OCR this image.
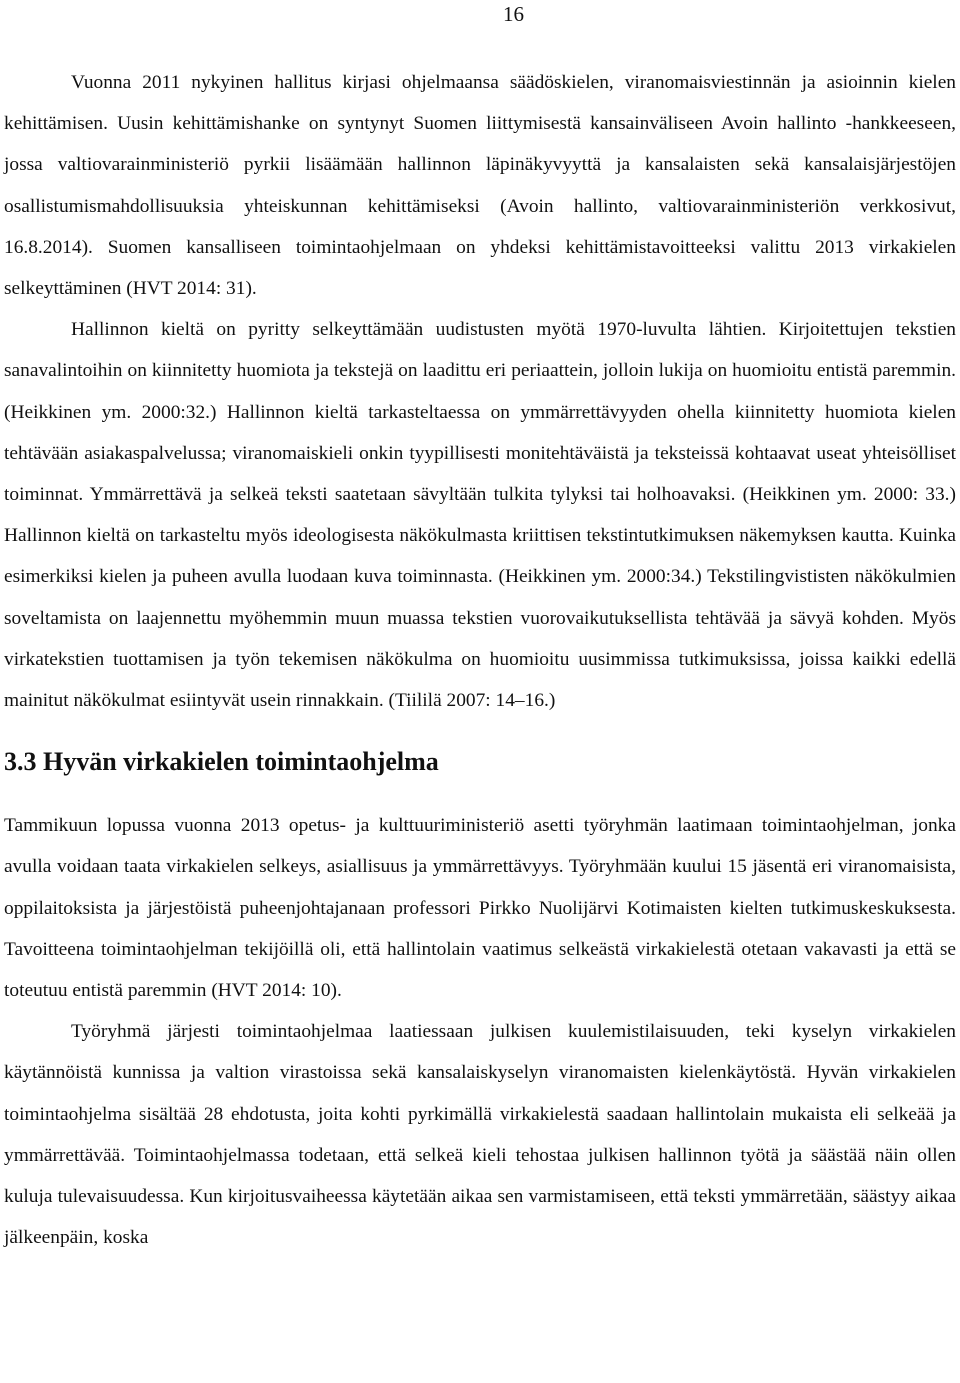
16

Vuonna 2011 nykyinen hallitus kirjasi ohjelmaansa säädöskielen, viranomaisviestinnän ja asioinnin kielen kehittämisen. Uusin kehittämishanke on syntynyt Suomen liittymisestä kansainväliseen Avoin hallinto -hankkeeseen, jossa valtiovarainministeriö pyrkii lisäämään hallinnon läpinäkyvyyttä ja kansalaisten sekä kansalaisjärjestöjen osallistumismahdollisuuksia yhteiskunnan kehittämiseksi (Avoin hallinto, valtiovarainministeriön verkkosivut, 16.8.2014). Suomen kansalliseen toimintaohjelmaan on yhdeksi kehittämistavoitteeksi valittu 2013 virkakielen selkeyttäminen (HVT 2014: 31).

Hallinnon kieltä on pyritty selkeyttämään uudistusten myötä 1970-luvulta lähtien. Kirjoitettujen tekstien sanavalintoihin on kiinnitetty huomiota ja tekstejä on laadittu eri periaattein, jolloin lukija on huomioitu entistä paremmin. (Heikkinen ym. 2000:32.) Hallinnon kieltä tarkasteltaessa on ymmärrettävyyden ohella kiinnitetty huomiota kielen tehtävään asiakaspalvelussa; viranomaiskieli onkin tyypillisesti monitehtäväistä ja teksteissä kohtaavat useat yhteisölliset toiminnat. Ymmärrettävä ja selkeä teksti saatetaan sävyltään tulkita tylyksi tai holhoavaksi. (Heikkinen ym. 2000: 33.) Hallinnon kieltä on tarkasteltu myös ideologisesta näkökulmasta kriittisen tekstintutkimuksen näkemyksen kautta. Kuinka esimerkiksi kielen ja puheen avulla luodaan kuva toiminnasta. (Heikkinen ym. 2000:34.) Tekstilingvististen näkökulmien soveltamista on laajennettu myöhemmin muun muassa tekstien vuorovaikutuksellista tehtävää ja sävyä kohden. Myös virkatekstien tuottamisen ja työn tekemisen näkökulma on huomioitu uusimmissa tutkimuksissa, joissa kaikki edellä mainitut näkökulmat esiintyvät usein rinnakkain. (Tiililä 2007: 14–16.)

3.3 Hyvän virkakielen toimintaohjelma

Tammikuun lopussa vuonna 2013 opetus- ja kulttuuriministeriö asetti työryhmän laatimaan toimintaohjelman, jonka avulla voidaan taata virkakielen selkeys, asiallisuus ja ymmärrettävyys. Työryhmään kuului 15 jäsentä eri viranomaisista, oppilaitoksista ja järjestöistä puheenjohtajanaan professori Pirkko Nuolijärvi Kotimaisten kielten tutkimuskeskuksesta. Tavoitteena toimintaohjelman tekijöillä oli, että hallintolain vaatimus selkeästä virkakielestä otetaan vakavasti ja että se toteutuu entistä paremmin (HVT 2014: 10).

Työryhmä järjesti toimintaohjelmaa laatiessaan julkisen kuulemistilaisuuden, teki kyselyn virkakielen käytännöistä kunnissa ja valtion virastoissa sekä kansalaiskyselyn viranomaisten kielenkäytöstä. Hyvän virkakielen toimintaohjelma sisältää 28 ehdotusta, joita kohti pyrkimällä virkakielestä saadaan hallintolain mukaista eli selkeää ja ymmärrettävää. Toimintaohjelmassa todetaan, että selkeä kieli tehostaa julkisen hallinnon työtä ja säästää näin ollen kuluja tulevaisuudessa. Kun kirjoitusvaiheessa käytetään aikaa sen varmistamiseen, että teksti ymmärretään, säästyy aikaa jälkeenpäin, koska
